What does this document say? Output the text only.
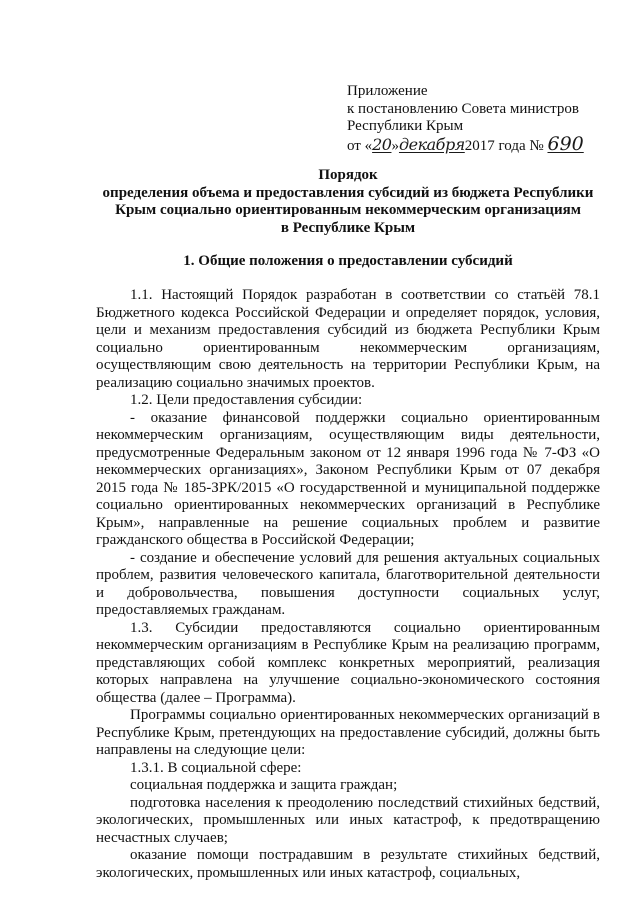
Приложение
к постановлению Совета министров
Республики Крым
от «20»декабря2017 года № 690
Порядок
определения объема и предоставления субсидий из бюджета Республики
Крым социально ориентированным некоммерческим организациям
в Республике Крым
1. Общие положения о предоставлении субсидий

1.1. Настоящий Порядок разработан в соответствии со статьёй 78.1 Бюджетного кодекса Российской Федерации и определяет порядок, условия, цели и механизм предоставления субсидий из бюджета Республики Крым социально ориентированным некоммерческим организациям, осуществляющим свою деятельность на территории Республики Крым, на реализацию социально значимых проектов.

1.2. Цели предоставления субсидии:

- оказание финансовой поддержки социально ориентированным некоммерческим организациям, осуществляющим виды деятельности, предусмотренные Федеральным законом от 12 января 1996 года № 7-ФЗ «О некоммерческих организациях», Законом Республики Крым от 07 декабря 2015 года № 185-ЗРК/2015 «О государственной и муниципальной поддержке социально ориентированных некоммерческих организаций в Республике Крым», направленные на решение социальных проблем и развитие гражданского общества в Российской Федерации;

- создание и обеспечение условий для решения актуальных социальных проблем, развития человеческого капитала, благотворительной деятельности и добровольчества, повышения доступности социальных услуг, предоставляемых гражданам.

1.3. Субсидии предоставляются социально ориентированным некоммерческим организациям в Республике Крым на реализацию программ, представляющих собой комплекс конкретных мероприятий, реализация которых направлена на улучшение социально-экономического состояния общества (далее – Программа).

Программы социально ориентированных некоммерческих организаций в Республике Крым, претендующих на предоставление субсидий, должны быть направлены на следующие цели:

1.3.1. В социальной сфере:

социальная поддержка и защита граждан;

подготовка населения к преодолению последствий стихийных бедствий, экологических, промышленных или иных катастроф, к предотвращению несчастных случаев;

оказание помощи пострадавшим в результате стихийных бедствий, экологических, промышленных или иных катастроф, социальных,
